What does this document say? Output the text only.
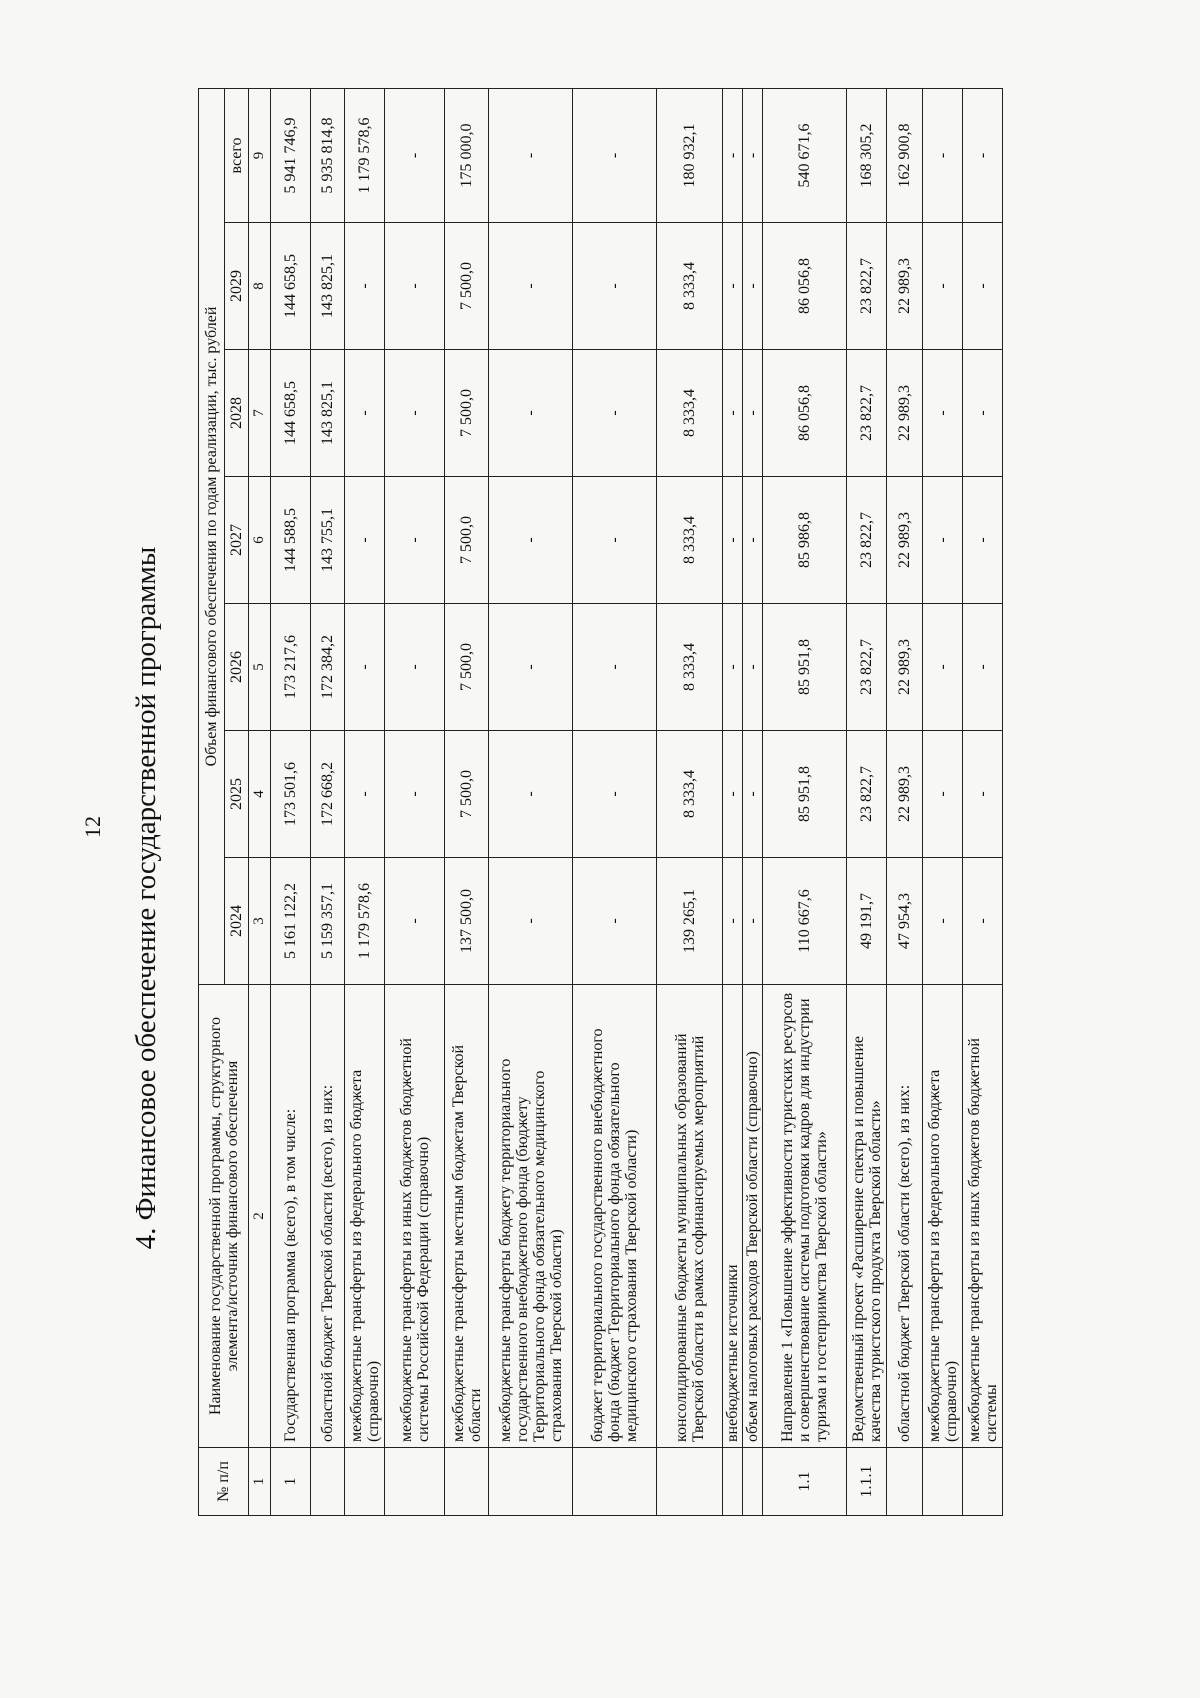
12 4. Финансовое обеспечение государственной программы
№ п/п	Наименование государственной программы, структурного элемента/источник финансового обеспечения	Объем финансового обеспечения по годам реализации, тыс. рублей						
		2024	2025	2026	2027	2028	2029	всего
1	2	3	4	5	6	7	8	9
1	Государственная программа (всего), в том числе:	5 161 122,2	173 501,6	173 217,6	144 588,5	144 658,5	144 658,5	5 941 746,9
	областной бюджет Тверской области (всего), из них:	5 159 357,1	172 668,2	172 384,2	143 755,1	143 825,1	143 825,1	5 935 814,8
	межбюджетные трансферты из федерального бюджета (справочно)	1 179 578,6	-	-	-	-	-	1 179 578,6
	межбюджетные трансферты из иных бюджетов бюджетной системы Российской Федерации (справочно)	-	-	-	-	-	-	-
	межбюджетные трансферты местным бюджетам Тверской области	137 500,0	7 500,0	7 500,0	7 500,0	7 500,0	7 500,0	175 000,0
	межбюджетные трансферты бюджету территориального государственного внебюджетного фонда (бюджету Территориального фонда обязательного медицинского страхования Тверской области)	-	-	-	-	-	-	-
	бюджет территориального государственного внебюджетного фонда (бюджет Территориального фонда обязательного медицинского страхования Тверской области)	-	-	-	-	-	-	-
	консолидированные бюджеты муниципальных образований Тверской области в рамках софинансируемых мероприятий	139 265,1	8 333,4	8 333,4	8 333,4	8 333,4	8 333,4	180 932,1
	внебюджетные источники	-	-	-	-	-	-	-
	объем налоговых расходов Тверской области (справочно)	-	-	-	-	-	-	-
1.1	Направление 1 «Повышение эффективности туристских ресурсов и совершенствование системы подготовки кадров для индустрии туризма и гостеприимства Тверской области»	110 667,6	85 951,8	85 951,8	85 986,8	86 056,8	86 056,8	540 671,6
1.1.1	Ведомственный проект «Расширение спектра и повышение качества туристского продукта Тверской области»	49 191,7	23 822,7	23 822,7	23 822,7	23 822,7	23 822,7	168 305,2
	областной бюджет Тверской области (всего), из них:	47 954,3	22 989,3	22 989,3	22 989,3	22 989,3	22 989,3	162 900,8
	межбюджетные трансферты из федерального бюджета (справочно)	-	-	-	-	-	-	-
	межбюджетные трансферты из иных бюджетов бюджетной системы	-	-	-	-	-	-	-
